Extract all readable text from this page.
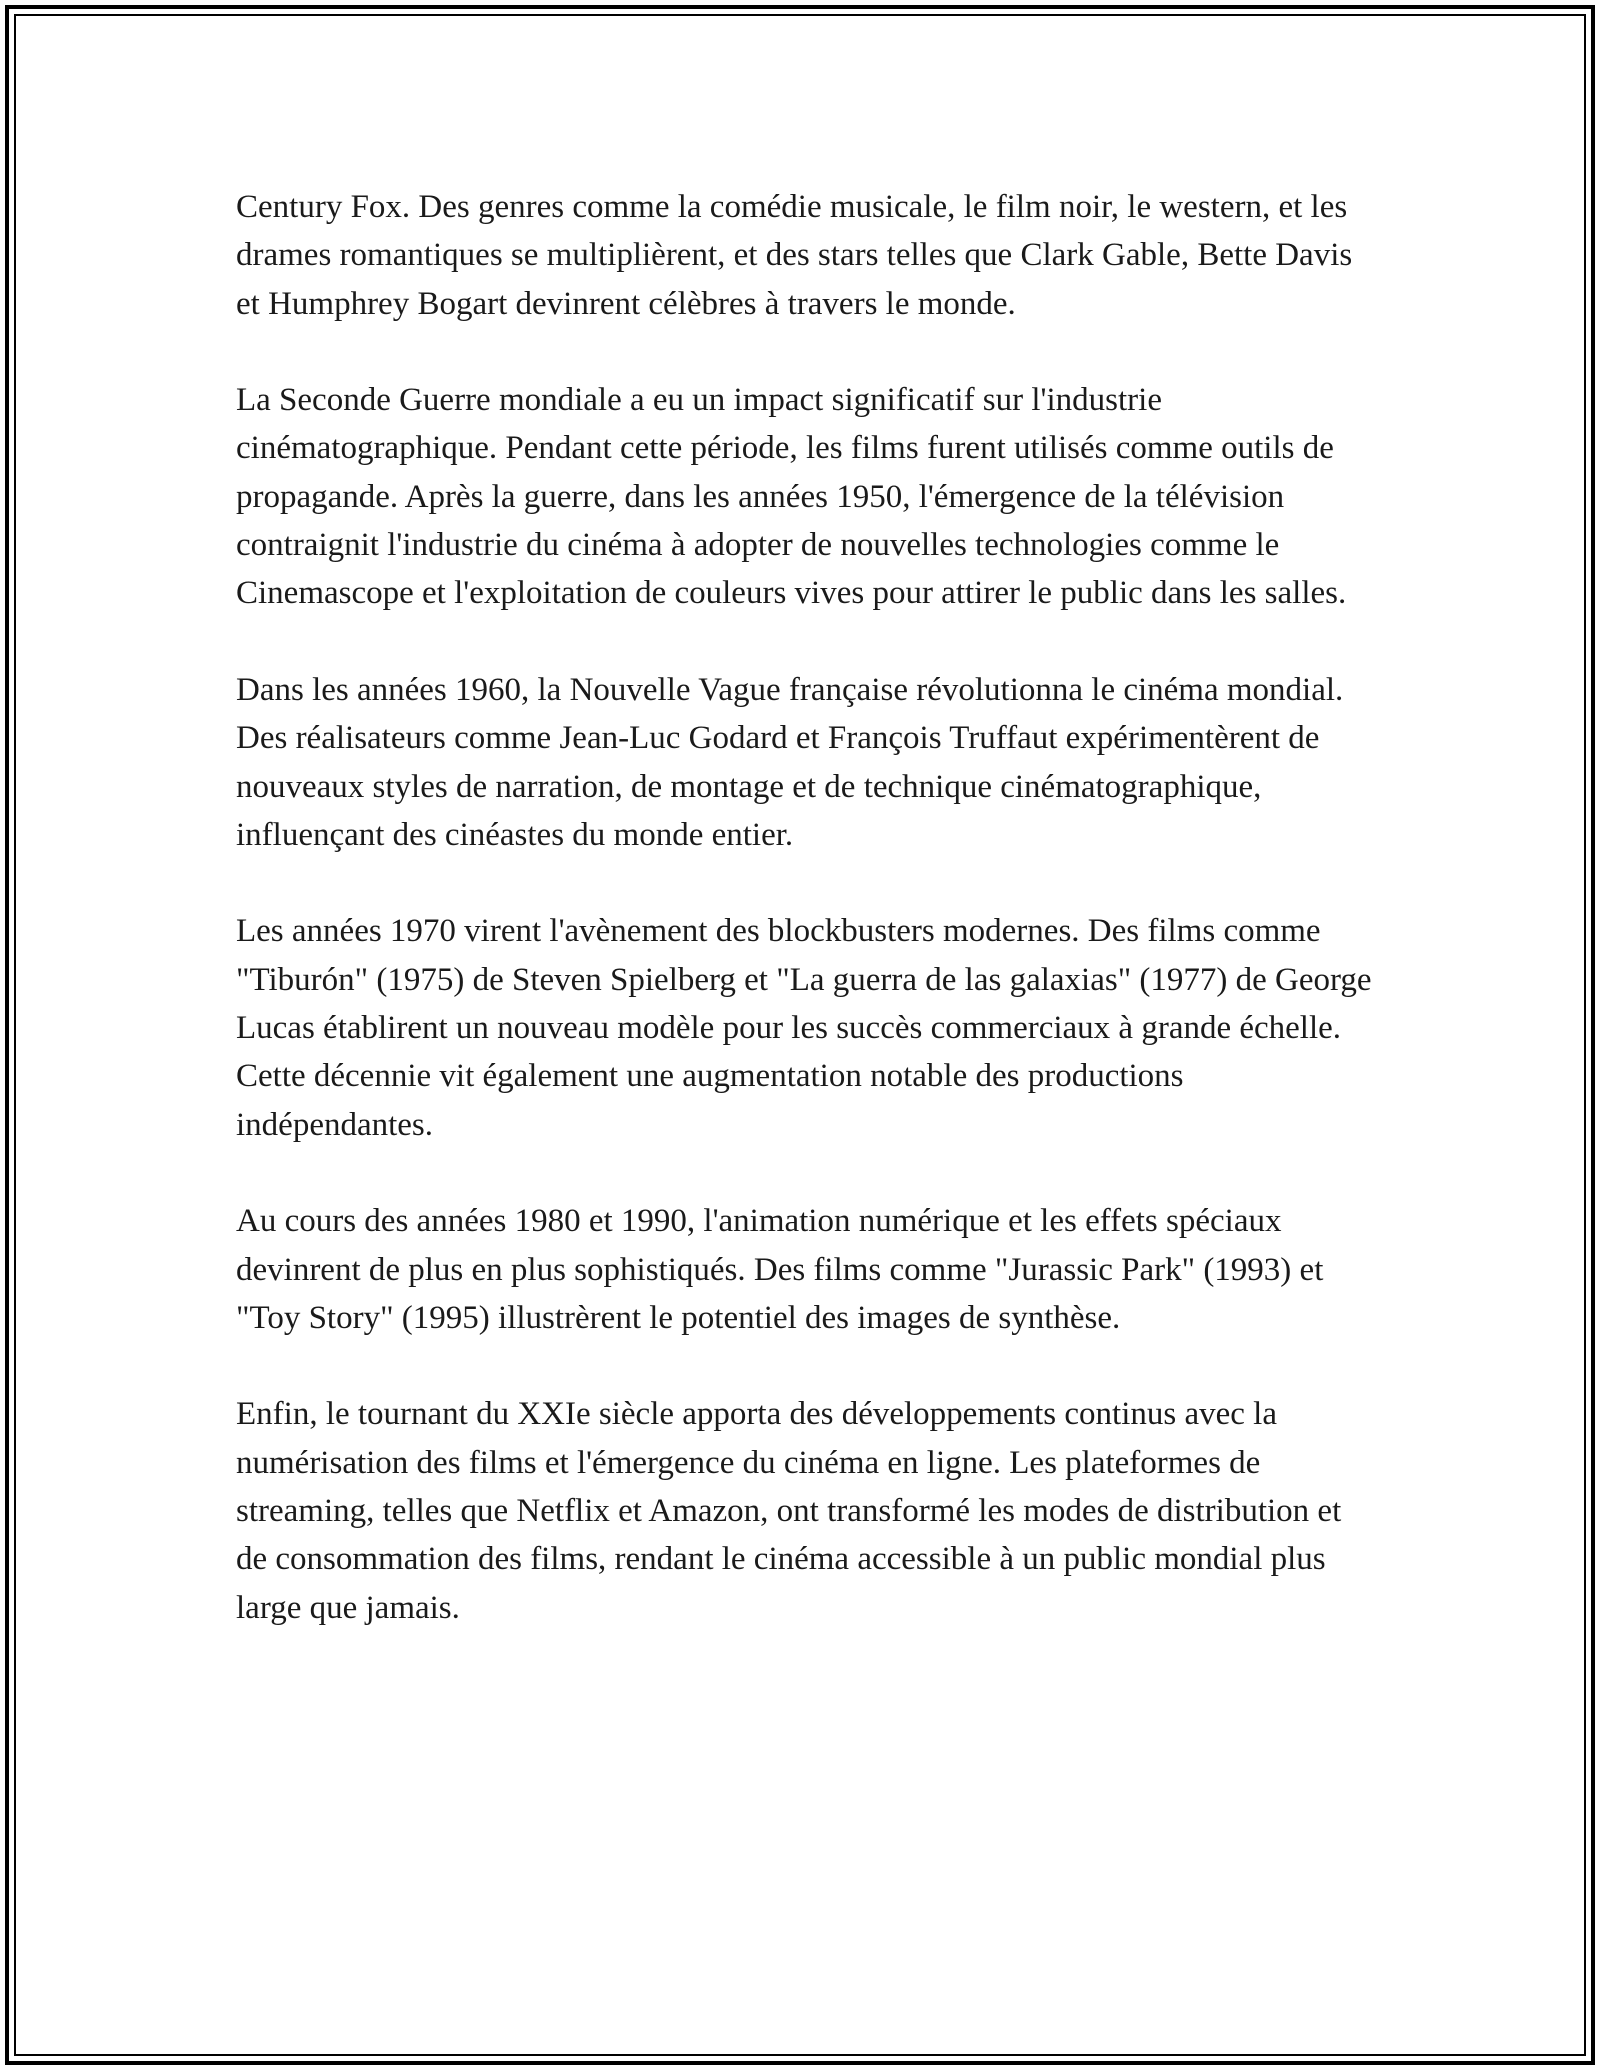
Century Fox. Des genres comme la comédie musicale, le film noir, le western, et les drames romantiques se multiplièrent, et des stars telles que Clark Gable, Bette Davis et Humphrey Bogart devinrent célèbres à travers le monde.

La Seconde Guerre mondiale a eu un impact significatif sur l'industrie cinématographique. Pendant cette période, les films furent utilisés comme outils de propagande. Après la guerre, dans les années 1950, l'émergence de la télévision contraignit l'industrie du cinéma à adopter de nouvelles technologies comme le Cinemascope et l'exploitation de couleurs vives pour attirer le public dans les salles.

Dans les années 1960, la Nouvelle Vague française révolutionna le cinéma mondial. Des réalisateurs comme Jean-Luc Godard et François Truffaut expérimentèrent de nouveaux styles de narration, de montage et de technique cinématographique, influençant des cinéastes du monde entier.

Les années 1970 virent l'avènement des blockbusters modernes. Des films comme "Tiburón" (1975) de Steven Spielberg et "La guerra de las galaxias" (1977) de George Lucas établirent un nouveau modèle pour les succès commerciaux à grande échelle. Cette décennie vit également une augmentation notable des productions indépendantes.

Au cours des années 1980 et 1990, l'animation numérique et les effets spéciaux devinrent de plus en plus sophistiqués. Des films comme "Jurassic Park" (1993) et "Toy Story" (1995) illustrèrent le potentiel des images de synthèse.

Enfin, le tournant du XXIe siècle apporta des développements continus avec la numérisation des films et l'émergence du cinéma en ligne. Les plateformes de streaming, telles que Netflix et Amazon, ont transformé les modes de distribution et de consommation des films, rendant le cinéma accessible à un public mondial plus large que jamais.
